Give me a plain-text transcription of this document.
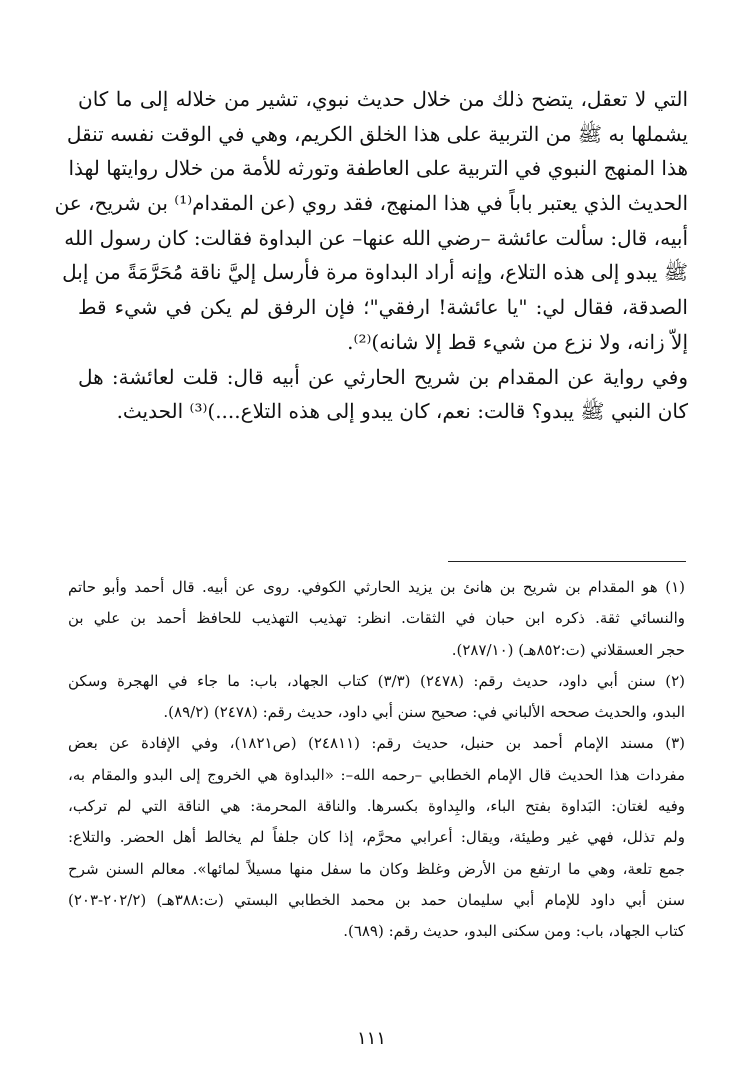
التي لا تعقل، يتضح ذلك من خلال حديث نبوي، تشير من خلاله إلى ما كان
يشملها به ﷺ من التربية على هذا الخلق الكريم، وهي في الوقت نفسه تنقل
هذا المنهج النبوي في التربية على العاطفة وتورثه للأمة من خلال روايتها لهذا
الحديث الذي يعتبر باباً في هذا المنهج، فقد روي (عن المقدام⁽¹⁾ بن شريح، عن
أبيه، قال: سألت عائشة –رضي الله عنها– عن البداوة فقالت: كان رسول الله
ﷺ يبدو إلى هذه التلاع، وإنه أراد البداوة مرة فأرسل إليَّ ناقة مُحَرَّمَةً من إبل
الصدقة، فقال لي: "يا عائشة! ارفقي"؛ فإن الرفق لم يكن في شيء قط
إلاّ زانه، ولا نزع من شيء قط إلا شانه)⁽²⁾.
وفي رواية عن المقدام بن شريح الحارثي عن أبيه قال: قلت لعائشة: هل
كان النبي ﷺ يبدو؟ قالت: نعم، كان يبدو إلى هذه التلاع....)⁽³⁾ الحديث.
(١) هو المقدام بن شريح بن هانئ بن يزيد الحارثي الكوفي. روى عن أبيه. قال أحمد وأبو حاتم
والنسائي ثقة. ذكره ابن حبان في الثقات. انظر: تهذيب التهذيب للحافظ أحمد بن علي بن
حجر العسقلاني (ت:٨٥٢هـ) (٢٨٧/١٠).
(٢) سنن أبي داود، حديث رقم: (٢٤٧٨) (٣/٣) كتاب الجهاد، باب: ما جاء في الهجرة وسكن
البدو، والحديث صححه الألباني في: صحيح سنن أبي داود، حديث رقم: (٢٤٧٨) (٨٩/٢).
(٣) مسند الإمام أحمد بن حنبل، حديث رقم: (٢٤٨١١) (ص١٨٢١)، وفي الإفادة عن بعض
مفردات هذا الحديث قال الإمام الخطابي –رحمه الله–: «البداوة هي الخروج إلى البدو والمقام به،
وفيه لغتان: البَداوة بفتح الباء، والبِداوة بكسرها. والناقة المحرمة: هي الناقة التي لم تركب،
ولم تذلل، فهي غير وطيئة، ويقال: أعرابي محرَّم، إذا كان جلفاً لم يخالط أهل الحضر. والتلاع:
جمع تلعة، وهي ما ارتفع من الأرض وغلظ وكان ما سفل منها مسيلاً لمائها». معالم السنن شرح
سنن أبي داود للإمام أبي سليمان حمد بن محمد الخطابي البستي (ت:٣٨٨هـ) (٢٠٢/٢-٢٠٣)
كتاب الجهاد، باب: ومن سكنى البدو، حديث رقم: (٦٨٩).
١١١
